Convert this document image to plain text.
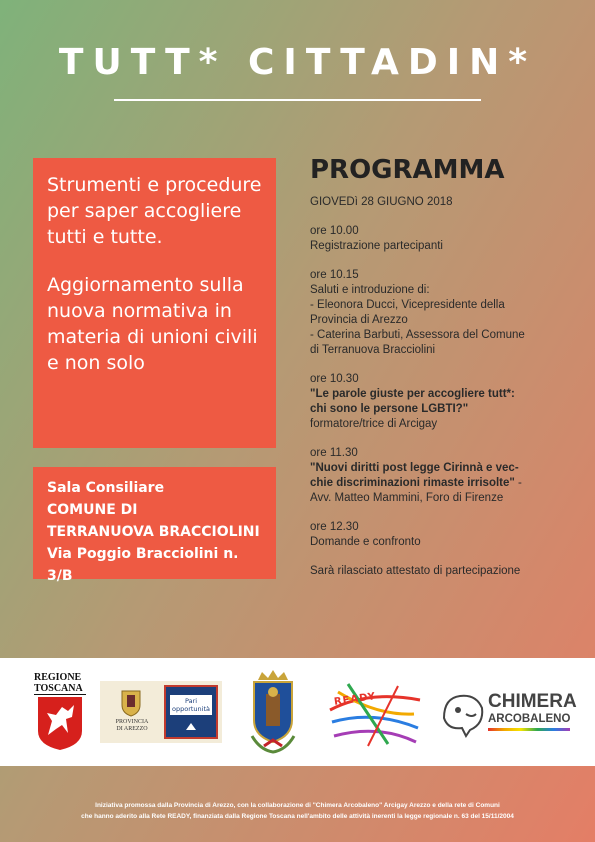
TUTT* CITTADIN*

Strumenti e procedure per saper accogliere tutti e tutte.

Aggiornamento sulla nuova normativa in materia di unioni civili e non solo

Sala Consiliare
COMUNE DI
TERRANUOVA BRACCIOLINI
Via Poggio Bracciolini n. 3/B
PROGRAMMA
GIOVEDì 28 GIUGNO 2018
ore 10.00
Registrazione partecipanti
ore 10.15
Saluti e introduzione di:
- Eleonora Ducci, Vicepresidente della
Provincia di Arezzo
- Caterina Barbuti, Assessora del Comune
di Terranuova Bracciolini
ore 10.30
"Le parole giuste per accogliere tutt*:
chi sono le persone LGBTI?"
formatore/trice di Arcigay
ore 11.30
"Nuovi diritti post legge Cirinnà e vec-
chie discriminazioni rimaste irrisolte" -
Avv. Matteo Mammini, Foro di Firenze
ore 12.30
Domande e confronto
Sarà rilasciato attestato di partecipazione
REGIONE
TOSCANA
PROVINCIA
DI AREZZO
Pari
opportunità
READY	CHIMERA
ARCOBALENO
Iniziativa promossa dalla Provincia di Arezzo, con la collaborazione di "Chimera Arcobaleno" Arcigay Arezzo e della rete di Comuni
che hanno aderito alla Rete READY, finanziata dalla Regione Toscana nell'ambito delle attività inerenti la legge regionale n. 63 del 15/11/2004
